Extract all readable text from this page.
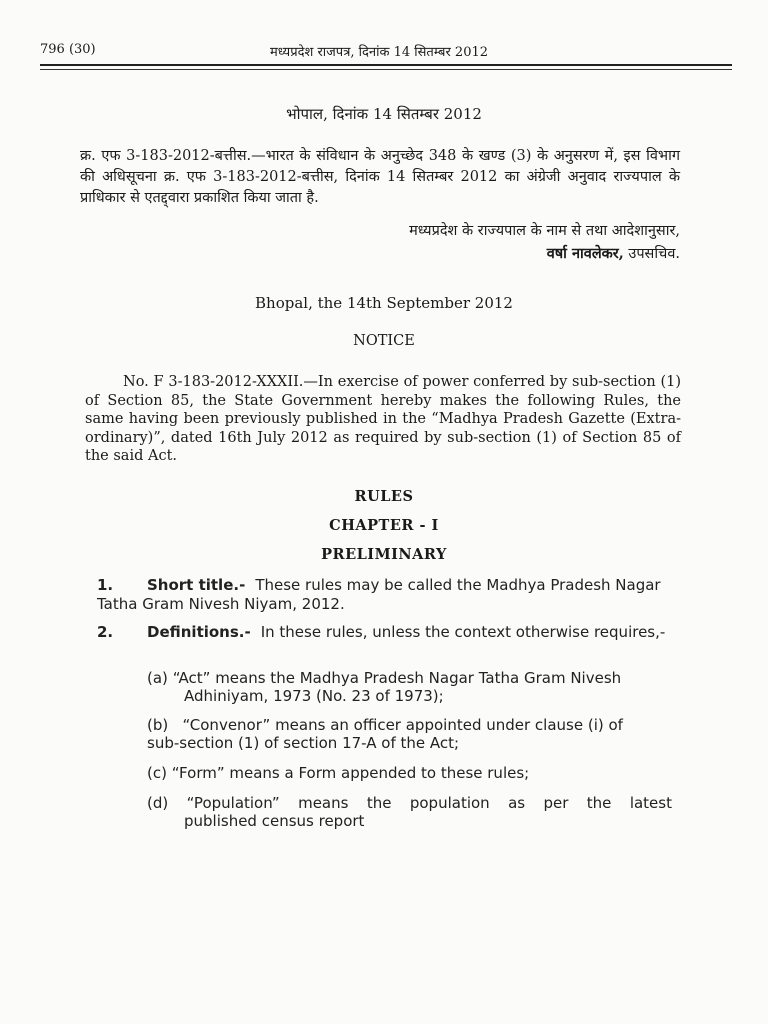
796 (30)	मध्यप्रदेश राजपत्र, दिनांक 14 सितम्बर 2012
भोपाल, दिनांक 14 सितम्बर 2012
क्र. एफ 3-183-2012-बत्तीस.—भारत के संविधान के अनुच्छेद 348 के खण्ड (3) के अनुसरण में, इस विभाग की अधिसूचना क्र. एफ 3-183-2012-बत्तीस, दिनांक 14 सितम्बर 2012 का अंग्रेजी अनुवाद राज्यपाल के प्राधिकार से एतद्द्वारा प्रकाशित किया जाता है.
मध्यप्रदेश के राज्यपाल के नाम से तथा आदेशानुसार,
वर्षा नावलेकर, उपसचिव.
Bhopal, the 14th September 2012
NOTICE
No. F 3-183-2012-XXXII.—In exercise of power conferred by sub-section (1) of Section 85, the State Government hereby makes the following Rules, the same having been previously published in the “Madhya Pradesh Gazette (Extra-ordinary)”, dated 16th July 2012 as required by sub-section (1) of Section 85 of the said Act.
RULES
CHAPTER - I
PRELIMINARY
1. Short title.- These rules may be called the Madhya Pradesh Nagar Tatha Gram Nivesh Niyam, 2012.
2. Definitions.- In these rules, unless the context otherwise requires,-
(a) “Act” means the Madhya Pradesh Nagar Tatha Gram Nivesh
Adhiniyam, 1973 (No. 23 of 1973);
(b) “Convenor” means an officer appointed under clause (i) of
sub-section (1) of section 17-A of the Act;
(c) “Form” means a Form appended to these rules;
(d) “Population” means the population as per the latest
published census report
